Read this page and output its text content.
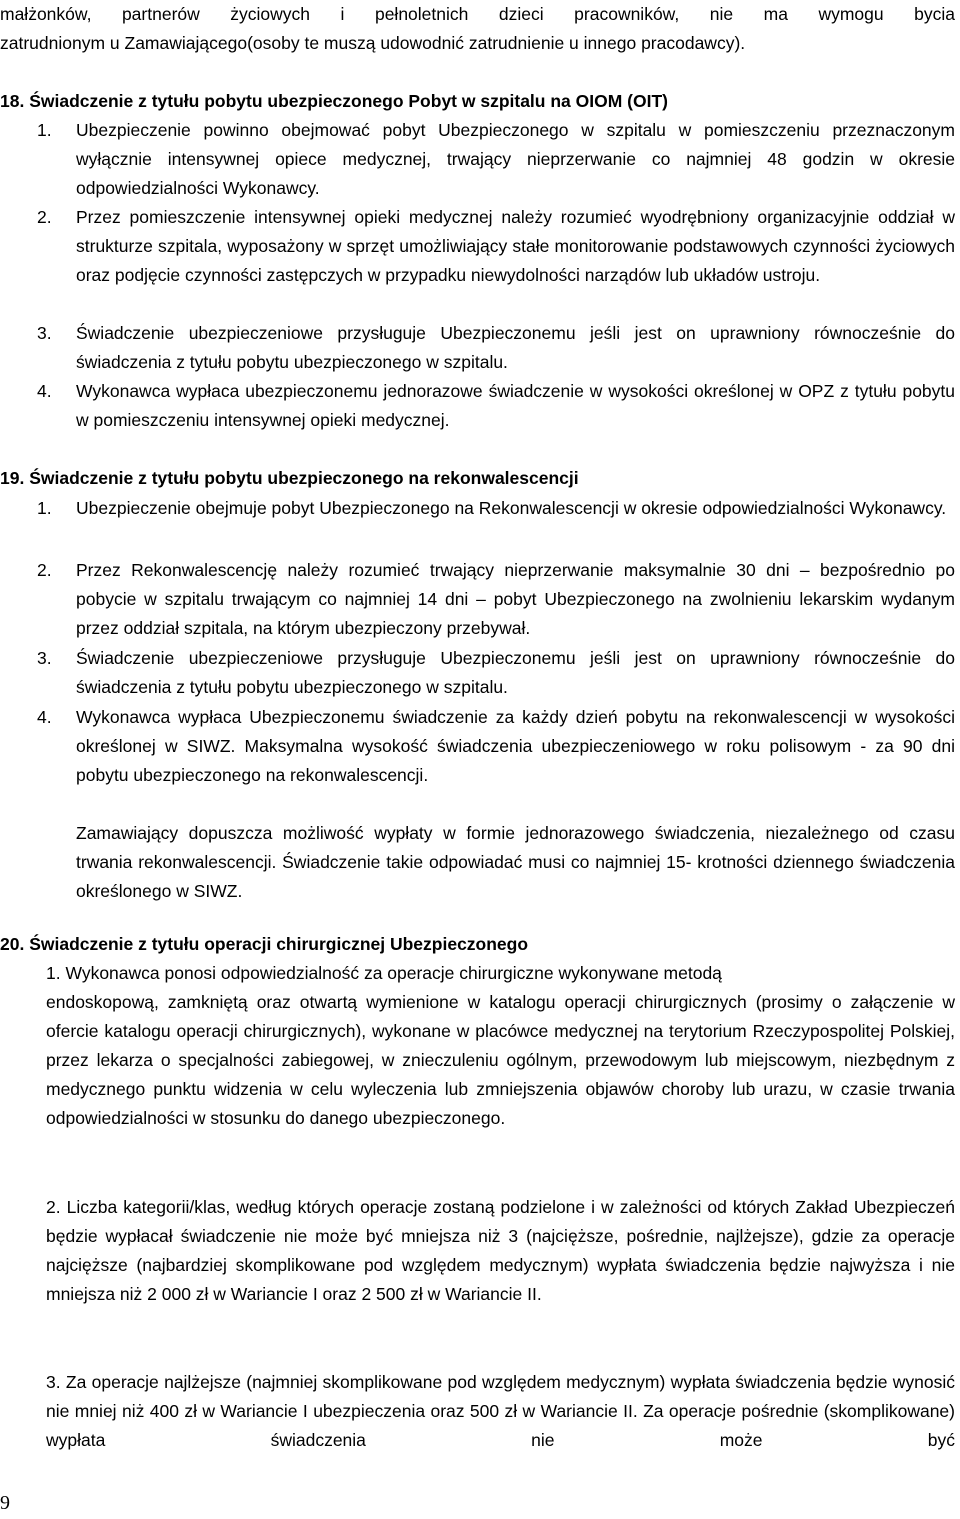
małżonków, partnerów życiowych i pełnoletnich dzieci pracowników, nie ma wymogu bycia

zatrudnionym u Zamawiającego(osoby te muszą udowodnić zatrudnienie u innego pracodawcy).

18. Świadczenie z tytułu pobytu ubezpieczonego Pobyt w szpitalu na OIOM (OIT)

1. Ubezpieczenie powinno obejmować pobyt Ubezpieczonego w szpitalu w pomieszczeniu przeznaczonym wyłącznie intensywnej opiece medycznej, trwający nieprzerwanie co najmniej 48 godzin w okresie odpowiedzialności Wykonawcy.

2. Przez pomieszczenie intensywnej opieki medycznej należy rozumieć wyodrębniony organizacyjnie oddział w strukturze szpitala, wyposażony w sprzęt umożliwiający stałe monitorowanie podstawowych czynności życiowych oraz podjęcie czynności zastępczych w przypadku niewydolności narządów lub układów ustroju.

3. Świadczenie ubezpieczeniowe przysługuje Ubezpieczonemu jeśli jest on uprawniony równocześnie do świadczenia z tytułu pobytu ubezpieczonego w szpitalu.

4. Wykonawca wypłaca ubezpieczonemu jednorazowe świadczenie w wysokości określonej w OPZ z tytułu pobytu w pomieszczeniu intensywnej opieki medycznej.

19. Świadczenie z tytułu pobytu ubezpieczonego na rekonwalescencji

1. Ubezpieczenie obejmuje pobyt Ubezpieczonego na Rekonwalescencji w okresie odpowiedzialności Wykonawcy.

2. Przez Rekonwalescencję należy rozumieć trwający nieprzerwanie maksymalnie 30 dni – bezpośrednio po pobycie w szpitalu trwającym co najmniej 14 dni – pobyt Ubezpieczonego na zwolnieniu lekarskim wydanym przez oddział szpitala, na którym ubezpieczony przebywał.

3. Świadczenie ubezpieczeniowe przysługuje Ubezpieczonemu jeśli jest on uprawniony równocześnie do świadczenia z tytułu pobytu ubezpieczonego w szpitalu.

4. Wykonawca wypłaca Ubezpieczonemu świadczenie za każdy dzień pobytu na rekonwalescencji w wysokości określonej w SIWZ. Maksymalna wysokość świadczenia ubezpieczeniowego w roku polisowym - za 90 dni pobytu ubezpieczonego na rekonwalescencji.

Zamawiający dopuszcza możliwość wypłaty w formie jednorazowego świadczenia, niezależnego od czasu trwania rekonwalescencji. Świadczenie takie odpowiadać musi co najmniej 15- krotności dziennego świadczenia określonego w SIWZ.

20. Świadczenie z tytułu operacji chirurgicznej Ubezpieczonego

1. Wykonawca ponosi odpowiedzialność za operacje chirurgiczne wykonywane metodą

endoskopową, zamkniętą oraz otwartą wymienione w katalogu operacji chirurgicznych (prosimy o załączenie w ofercie katalogu operacji chirurgicznych), wykonane w placówce medycznej na terytorium Rzeczypospolitej Polskiej, przez lekarza o specjalności zabiegowej, w znieczuleniu ogólnym, przewodowym lub miejscowym, niezbędnym z medycznego punktu widzenia w celu wyleczenia lub zmniejszenia objawów choroby lub urazu, w czasie trwania odpowiedzialności w stosunku do danego ubezpieczonego.

2. Liczba kategorii/klas, według których operacje zostaną podzielone i w zależności od których Zakład Ubezpieczeń będzie wypłacał świadczenie nie może być mniejsza niż 3 (najcięższe, pośrednie, najlżejsze), gdzie za operacje najcięższe (najbardziej skomplikowane pod względem medycznym) wypłata świadczenia będzie najwyższa i nie mniejsza niż 2 000 zł w Wariancie I oraz 2 500 zł w Wariancie II.

3. Za operacje najlżejsze (najmniej skomplikowane pod względem medycznym) wypłata świadczenia będzie wynosić nie mniej niż 400 zł w Wariancie I ubezpieczenia oraz 500 zł w Wariancie II. Za operacje pośrednie (skomplikowane) wypłata świadczenia nie może być

9
